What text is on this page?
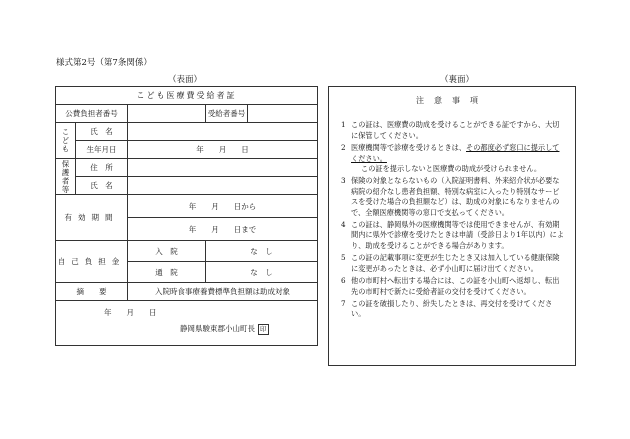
様式第2号（第7条関係）
（表面）	（裏面）
こども医療費受給者証				
公費負担者番号			受給者番号	

こども	氏　名			
	生年月日	年　　月　　日		

保護者等	住　所			
	氏　名			
有効期間		年　　月　　日から		
		年　　月　　日まで		
自己負担金		入　院	な　し	
		通　院	な　し	
摘　　要		入院時食事療養費標準負担額は助成対象		

年　　月　　日
静岡県駿東郡小山町長 印				
注意事項
1 この証は、医療費の助成を受けることができる証ですから、大切に保管してください。
2 医療機関等で診療を受けるときは、その都度必ず窓口に提示してください。
この証を提示しないと医療費の助成が受けられません。
3 保険の対象とならないもの（入院証明書料、外来紹介状が必要な病院の紹介なし患者負担額、特別な病室に入ったり特別なサービスを受けた場合の負担額など）は、助成の対象にもなりませんので、全額医療機関等の窓口で支払ってください。
4 この証は、静岡県外の医療機関等では使用できませんが、有効期間内に県外で診療を受けたときは申請（受診日より1年以内）により、助成を受けることができる場合があります。
5 この証の記載事項に変更が生じたとき又は加入している健康保険に変更があったときは、必ず小山町に届け出てください。
6 他の市町村へ転出する場合には、この証を小山町へ返却し、転出先の市町村で新たに受給者証の交付を受けてください。
7 この証を破損したり、紛失したときは、再交付を受けてください。
